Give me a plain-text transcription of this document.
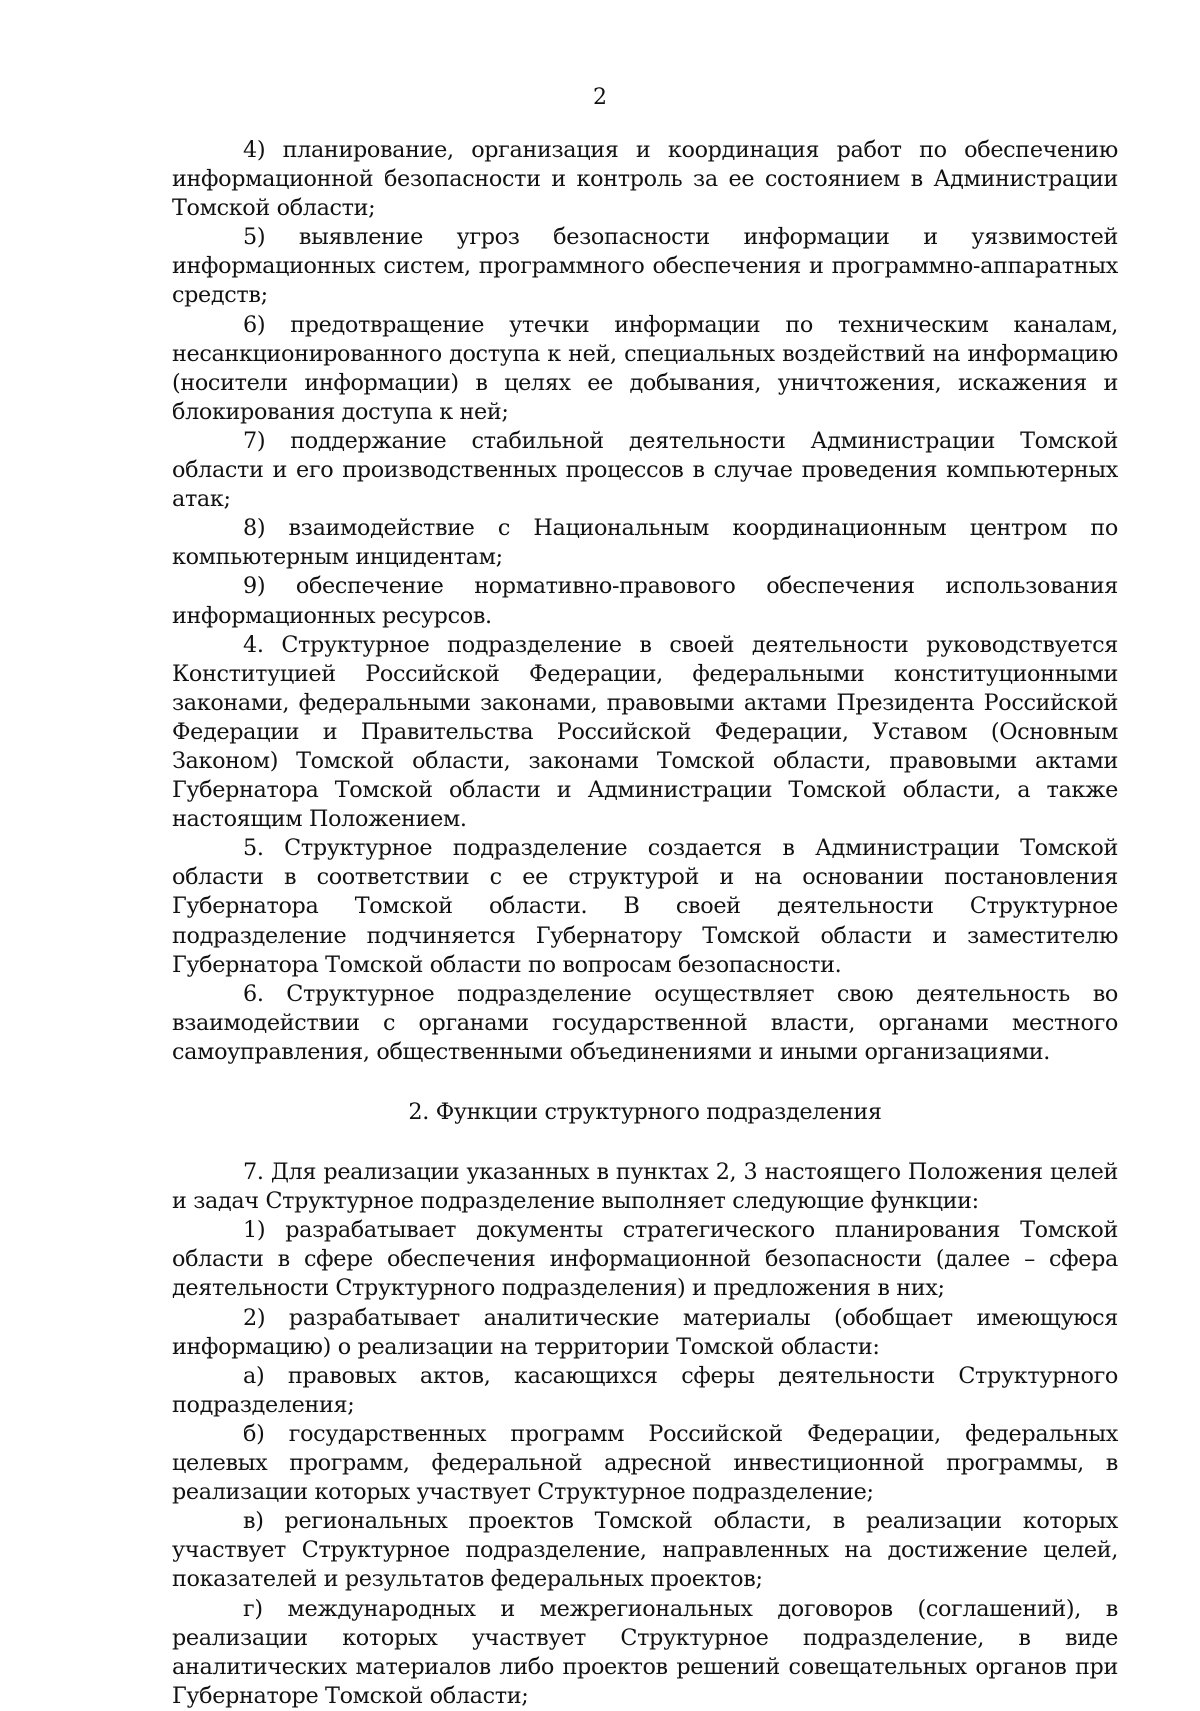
2

4) планирование, организация и координация работ по обеспечению информационной безопасности и контроль за ее состоянием в Администрации Томской области;

5) выявление угроз безопасности информации и уязвимостей информационных систем, программного обеспечения и программно-аппаратных средств;

6) предотвращение утечки информации по техническим каналам, несанкционированного доступа к ней, специальных воздействий на информацию (носители информации) в целях ее добывания, уничтожения, искажения и блокирования доступа к ней;

7) поддержание стабильной деятельности Администрации Томской области и его производственных процессов в случае проведения компьютерных атак;

8) взаимодействие с Национальным координационным центром по компьютерным инцидентам;

9) обеспечение нормативно-правового обеспечения использования информационных ресурсов.

4. Структурное подразделение в своей деятельности руководствуется Конституцией Российской Федерации, федеральными конституционными законами, федеральными законами, правовыми актами Президента Российской Федерации и Правительства Российской Федерации, Уставом (Основным Законом) Томской области, законами Томской области, правовыми актами Губернатора Томской области и Администрации Томской области, а также настоящим Положением.

5. Структурное подразделение создается в Администрации Томской области в соответствии с ее структурой и на основании постановления Губернатора Томской области. В своей деятельности Структурное подразделение подчиняется Губернатору Томской области и заместителю Губернатора Томской области по вопросам безопасности.

6. Структурное подразделение осуществляет свою деятельность во взаимодействии с органами государственной власти, органами местного самоуправления, общественными объединениями и иными организациями.

2. Функции структурного подразделения

7. Для реализации указанных в пунктах 2, 3 настоящего Положения целей и задач Структурное подразделение выполняет следующие функции:

1) разрабатывает документы стратегического планирования Томской области в сфере обеспечения информационной безопасности (далее – сфера деятельности Структурного подразделения) и предложения в них;

2) разрабатывает аналитические материалы (обобщает имеющуюся информацию) о реализации на территории Томской области:

а) правовых актов, касающихся сферы деятельности Структурного подразделения;

б) государственных программ Российской Федерации, федеральных целевых программ, федеральной адресной инвестиционной программы, в реализации которых участвует Структурное подразделение;

в) региональных проектов Томской области, в реализации которых участвует Структурное подразделение, направленных на достижение целей, показателей и результатов федеральных проектов;

г) международных и межрегиональных договоров (соглашений), в реализации которых участвует Структурное подразделение, в виде аналитических материалов либо проектов решений совещательных органов при Губернаторе Томской области;
